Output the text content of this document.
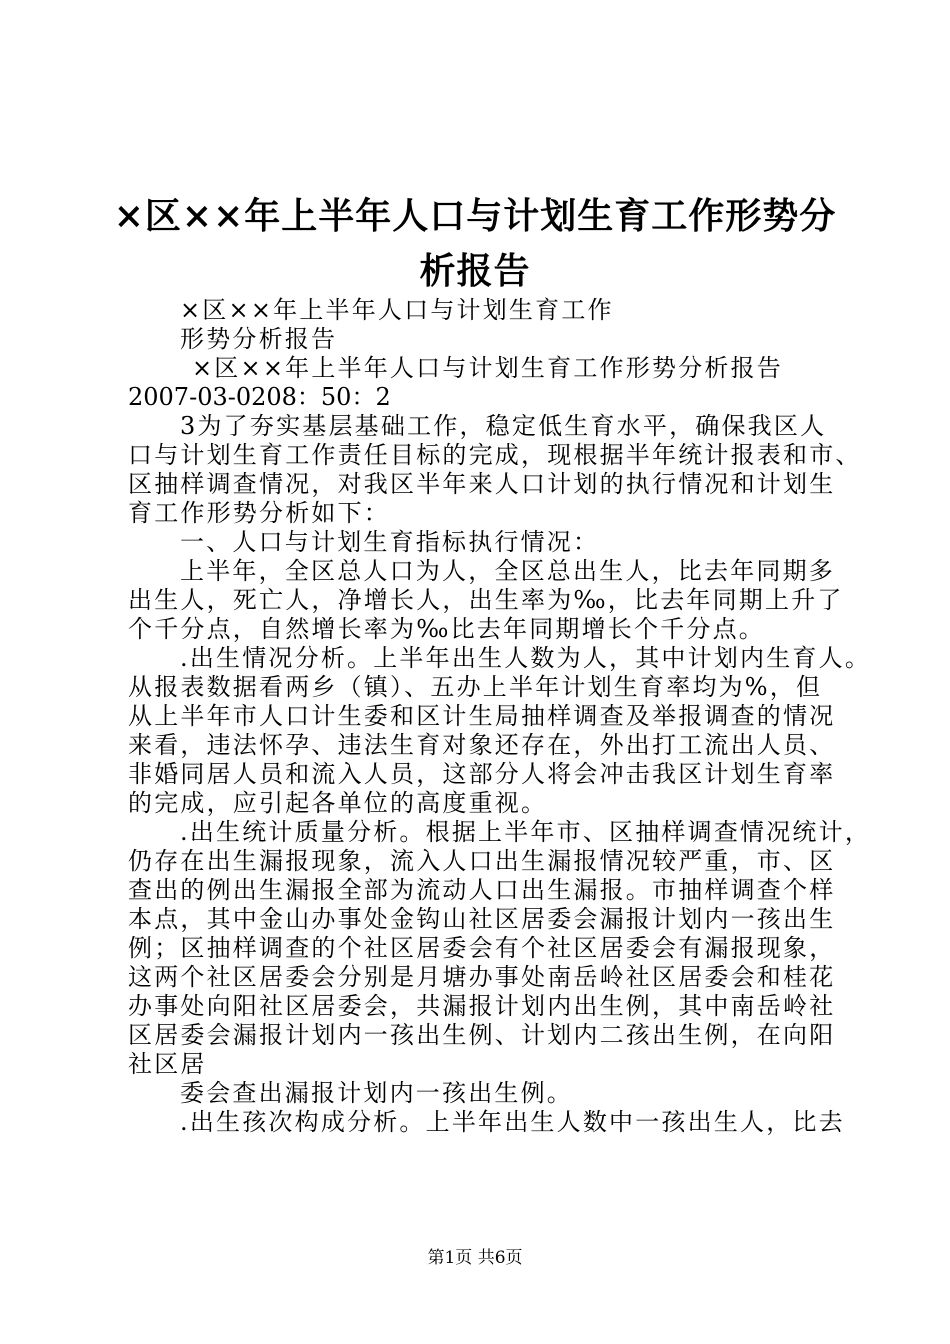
×区××年上半年人口与计划生育工作形势分
析报告
×区××年上半年人口与计划生育工作
形势分析报告
×区××年上半年人口与计划生育工作形势分析报告
2007-03-0208：50：2
3为了夯实基层基础工作，稳定低生育水平，确保我区人
口与计划生育工作责任目标的完成，现根据半年统计报表和市、
区抽样调查情况，对我区半年来人口计划的执行情况和计划生
育工作形势分析如下：
一、人口与计划生育指标执行情况：
上半年，全区总人口为人，全区总出生人，比去年同期多
出生人，死亡人，净增长人，出生率为‰，比去年同期上升了
个千分点，自然增长率为‰比去年同期增长个千分点。
.出生情况分析。上半年出生人数为人，其中计划内生育人。
从报表数据看两乡（镇）、五办上半年计划生育率均为%，但
从上半年市人口计生委和区计生局抽样调查及举报调查的情况
来看，违法怀孕、违法生育对象还存在，外出打工流出人员、
非婚同居人员和流入人员，这部分人将会冲击我区计划生育率
的完成，应引起各单位的高度重视。
.出生统计质量分析。根据上半年市、区抽样调查情况统计，
仍存在出生漏报现象，流入人口出生漏报情况较严重，市、区
查出的例出生漏报全部为流动人口出生漏报。市抽样调查个样
本点，其中金山办事处金钩山社区居委会漏报计划内一孩出生
例；区抽样调查的个社区居委会有个社区居委会有漏报现象，
这两个社区居委会分别是月塘办事处南岳岭社区居委会和桂花
办事处向阳社区居委会，共漏报计划内出生例，其中南岳岭社
区居委会漏报计划内一孩出生例、计划内二孩出生例，在向阳
社区居
委会查出漏报计划内一孩出生例。
.出生孩次构成分析。上半年出生人数中一孩出生人，比去
第1页 共6页
